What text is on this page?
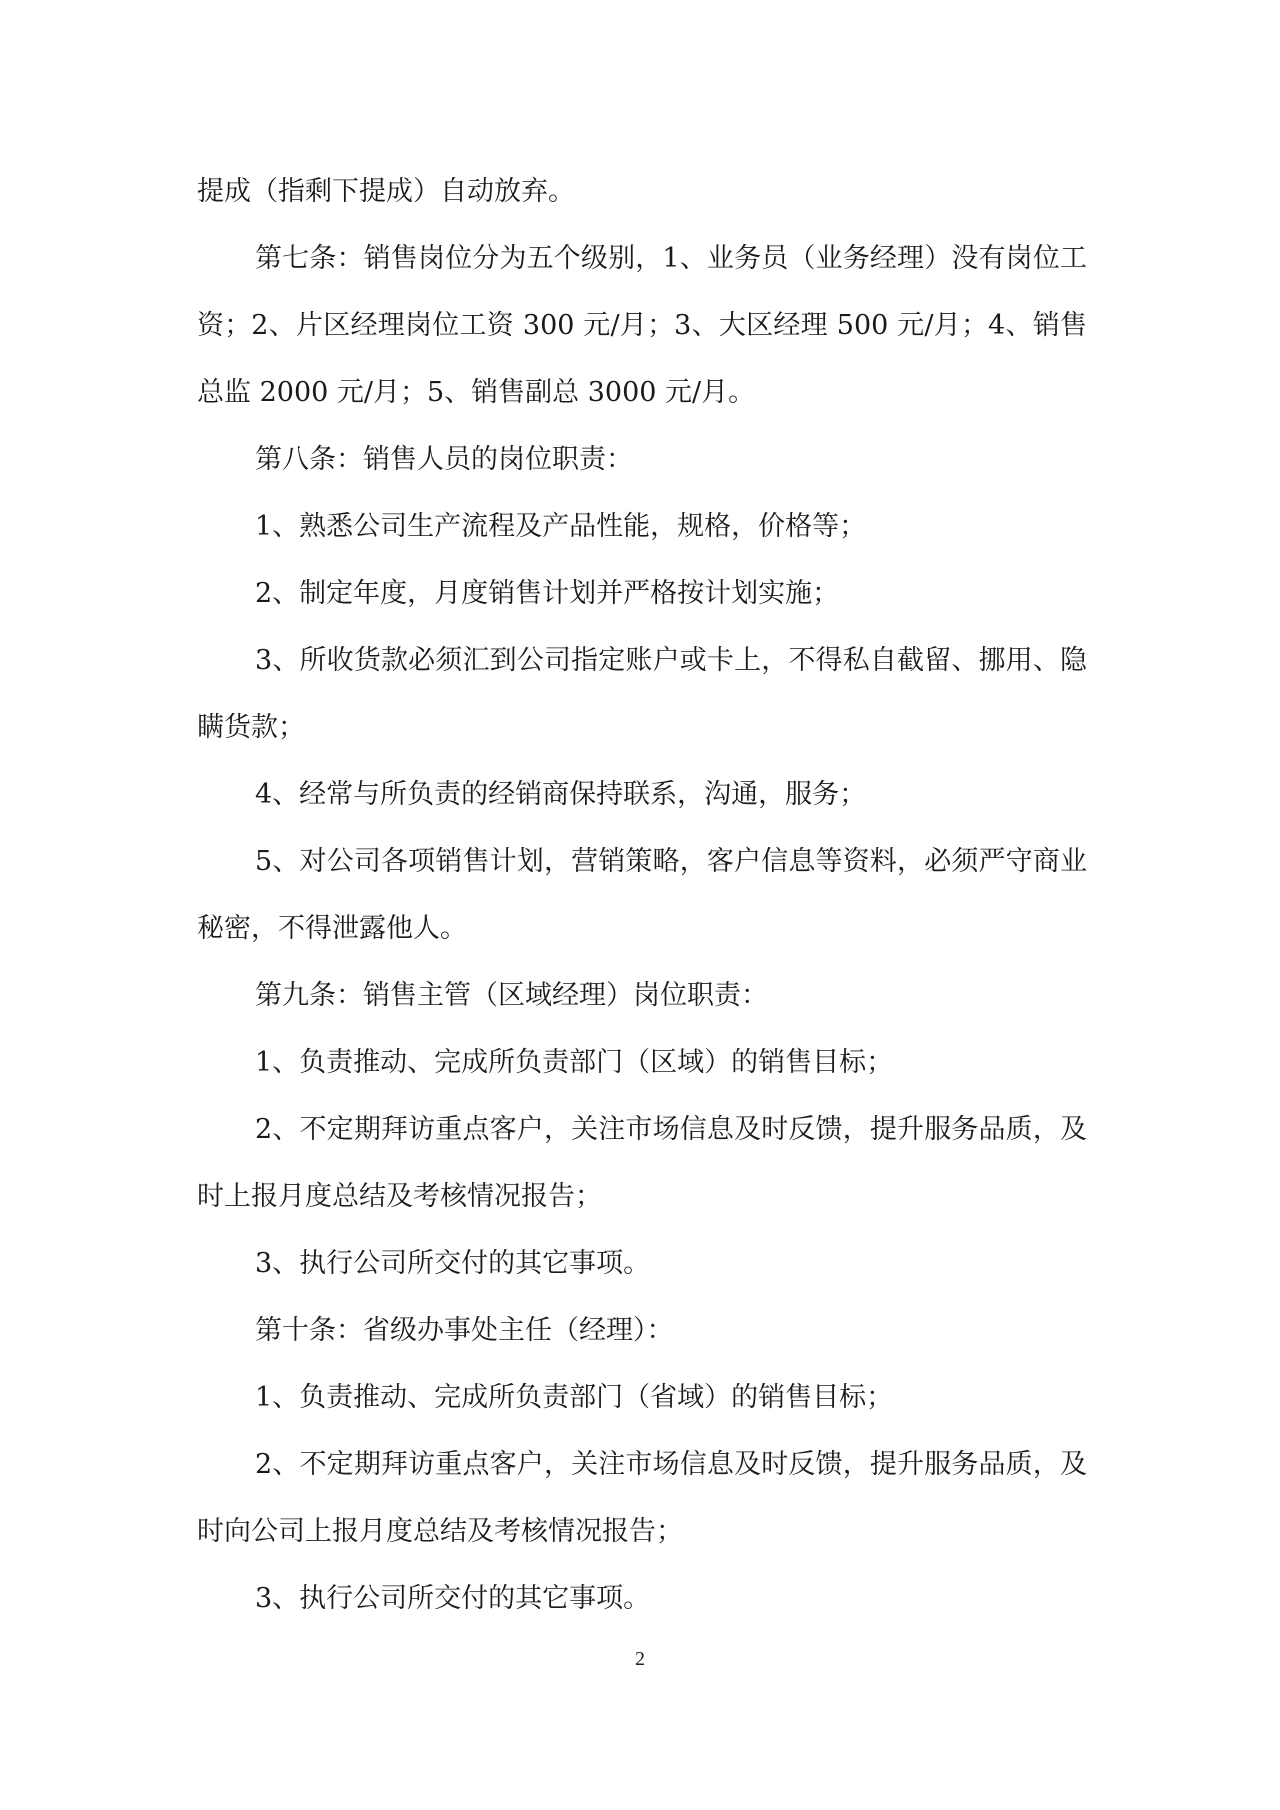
提成（指剩下提成）自动放弃。

第七条：销售岗位分为五个级别，1、业务员（业务经理）没有岗位工资；2、片区经理岗位工资 300 元/月；3、大区经理 500 元/月；4、销售总监 2000 元/月；5、销售副总 3000 元/月。

第八条：销售人员的岗位职责：

1、熟悉公司生产流程及产品性能，规格，价格等；

2、制定年度，月度销售计划并严格按计划实施；

3、所收货款必须汇到公司指定账户或卡上，不得私自截留、挪用、隐瞒货款；

4、经常与所负责的经销商保持联系，沟通，服务；

5、对公司各项销售计划，营销策略，客户信息等资料，必须严守商业秘密，不得泄露他人。

第九条：销售主管（区域经理）岗位职责：

1、负责推动、完成所负责部门（区域）的销售目标；

2、不定期拜访重点客户，关注市场信息及时反馈，提升服务品质，及时上报月度总结及考核情况报告；

3、执行公司所交付的其它事项。

第十条：省级办事处主任（经理）：

1、负责推动、完成所负责部门（省域）的销售目标；

2、不定期拜访重点客户，关注市场信息及时反馈，提升服务品质，及时向公司上报月度总结及考核情况报告；

3、执行公司所交付的其它事项。

2
